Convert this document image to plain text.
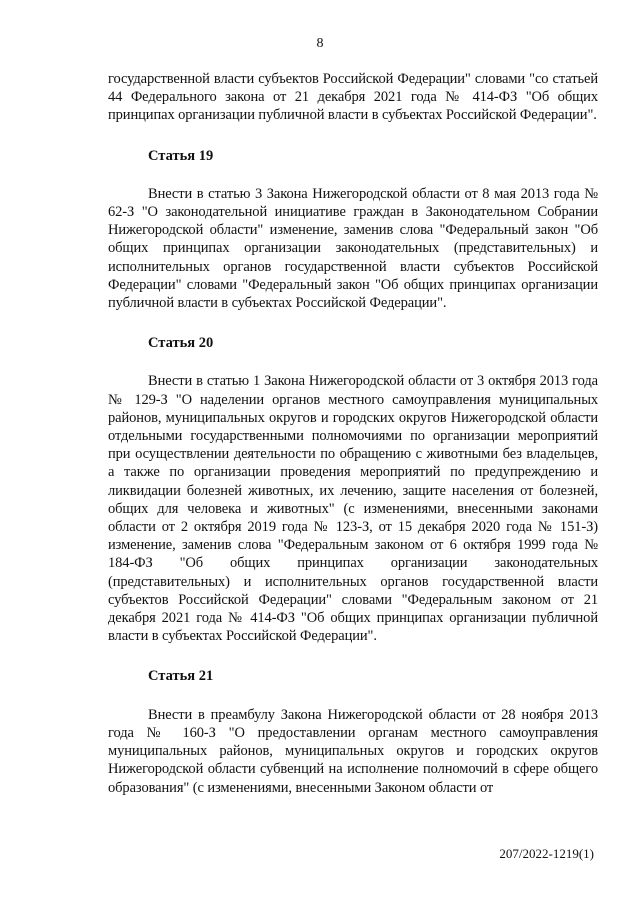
8

государственной власти субъектов Российской Федерации" словами "со статьей 44 Федерального закона от 21 декабря 2021 года № 414-ФЗ "Об общих принципах организации публичной власти в субъектах Российской Федерации".

Статья 19

Внести в статью 3 Закона Нижегородской области от 8 мая 2013 года № 62-З "О законодательной инициативе граждан в Законодательном Собрании Нижегородской области" изменение, заменив слова "Федеральный закон "Об общих принципах организации законодательных (представительных) и исполнительных органов государственной власти субъектов Российской Федерации" словами "Федеральный закон "Об общих принципах организации публичной власти в субъектах Российской Федерации".

Статья 20

Внести в статью 1 Закона Нижегородской области от 3 октября 2013 года № 129-З "О наделении органов местного самоуправления муниципальных районов, муниципальных округов и городских округов Нижегородской области отдельными государственными полномочиями по организации мероприятий при осуществлении деятельности по обращению с животными без владельцев, а также по организации проведения мероприятий по предупреждению и ликвидации болезней животных, их лечению, защите населения от болезней, общих для человека и животных" (с изменениями, внесенными законами области от 2 октября 2019 года № 123-З, от 15 декабря 2020 года № 151-З) изменение, заменив слова "Федеральным законом от 6 октября 1999 года № 184-ФЗ "Об общих принципах организации законодательных (представительных) и исполнительных органов государственной власти субъектов Российской Федерации" словами "Федеральным законом от 21 декабря 2021 года № 414-ФЗ "Об общих принципах организации публичной власти в субъектах Российской Федерации".

Статья 21

Внести в преамбулу Закона Нижегородской области от 28 ноября 2013 года № 160-З "О предоставлении органам местного самоуправления муниципальных районов, муниципальных округов и городских округов Нижегородской области субвенций на исполнение полномочий в сфере общего образования" (с изменениями, внесенными Законом области от

207/2022-1219(1)
